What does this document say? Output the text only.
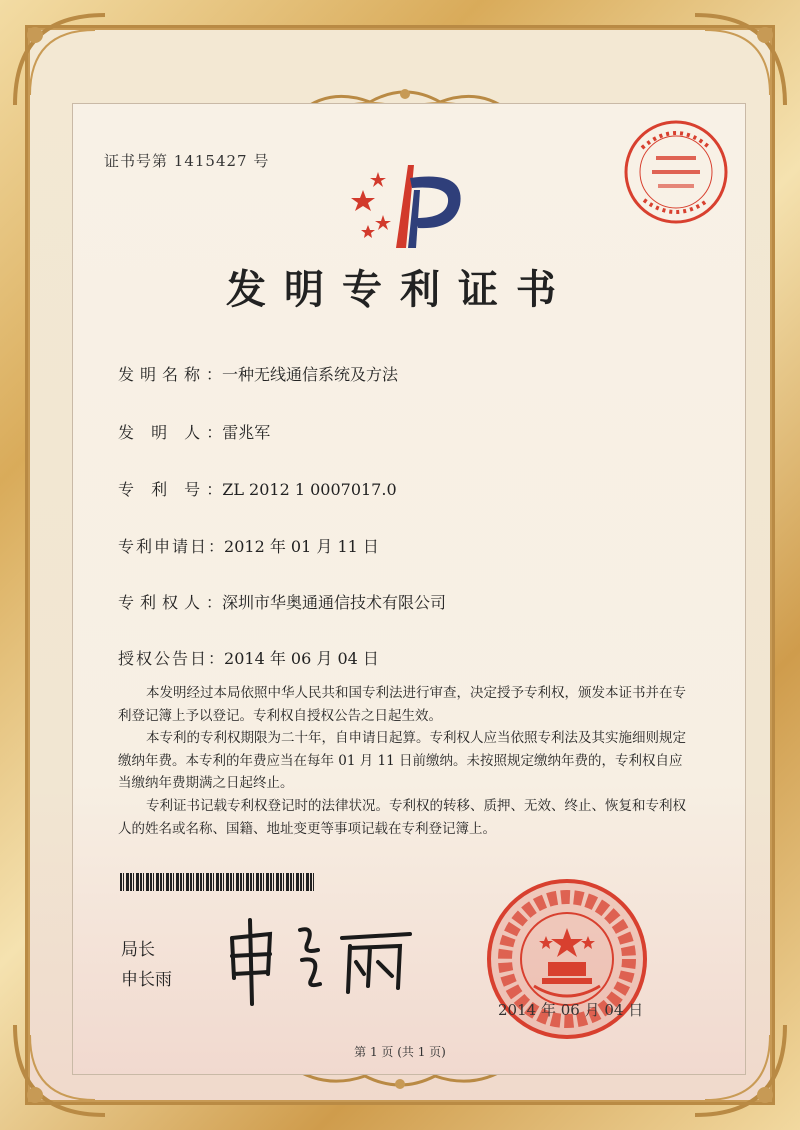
证书号第 1415427 号
发明专利证书
发明名称：一种无线通信系统及方法
发 明 人：雷兆军
专 利 号：ZL 2012 1 0007017.0
专利申请日：2012 年 01 月 11 日
专利权人：深圳市华奥通通信技术有限公司
授权公告日：2014 年 06 月 04 日
本发明经过本局依照中华人民共和国专利法进行审查，决定授予专利权，颁发本证书并在专利登记簿上予以登记。专利权自授权公告之日起生效。
本专利的专利权期限为二十年，自申请日起算。专利权人应当依照专利法及其实施细则规定缴纳年费。本专利的年费应当在每年 01 月 11 日前缴纳。未按照规定缴纳年费的，专利权自应当缴纳年费期满之日起终止。
专利证书记载专利权登记时的法律状况。专利权的转移、质押、无效、终止、恢复和专利权人的姓名或名称、国籍、地址变更等事项记载在专利登记簿上。
局长
申长雨
2014 年 06 月 04 日
第 1 页 (共 1 页)
